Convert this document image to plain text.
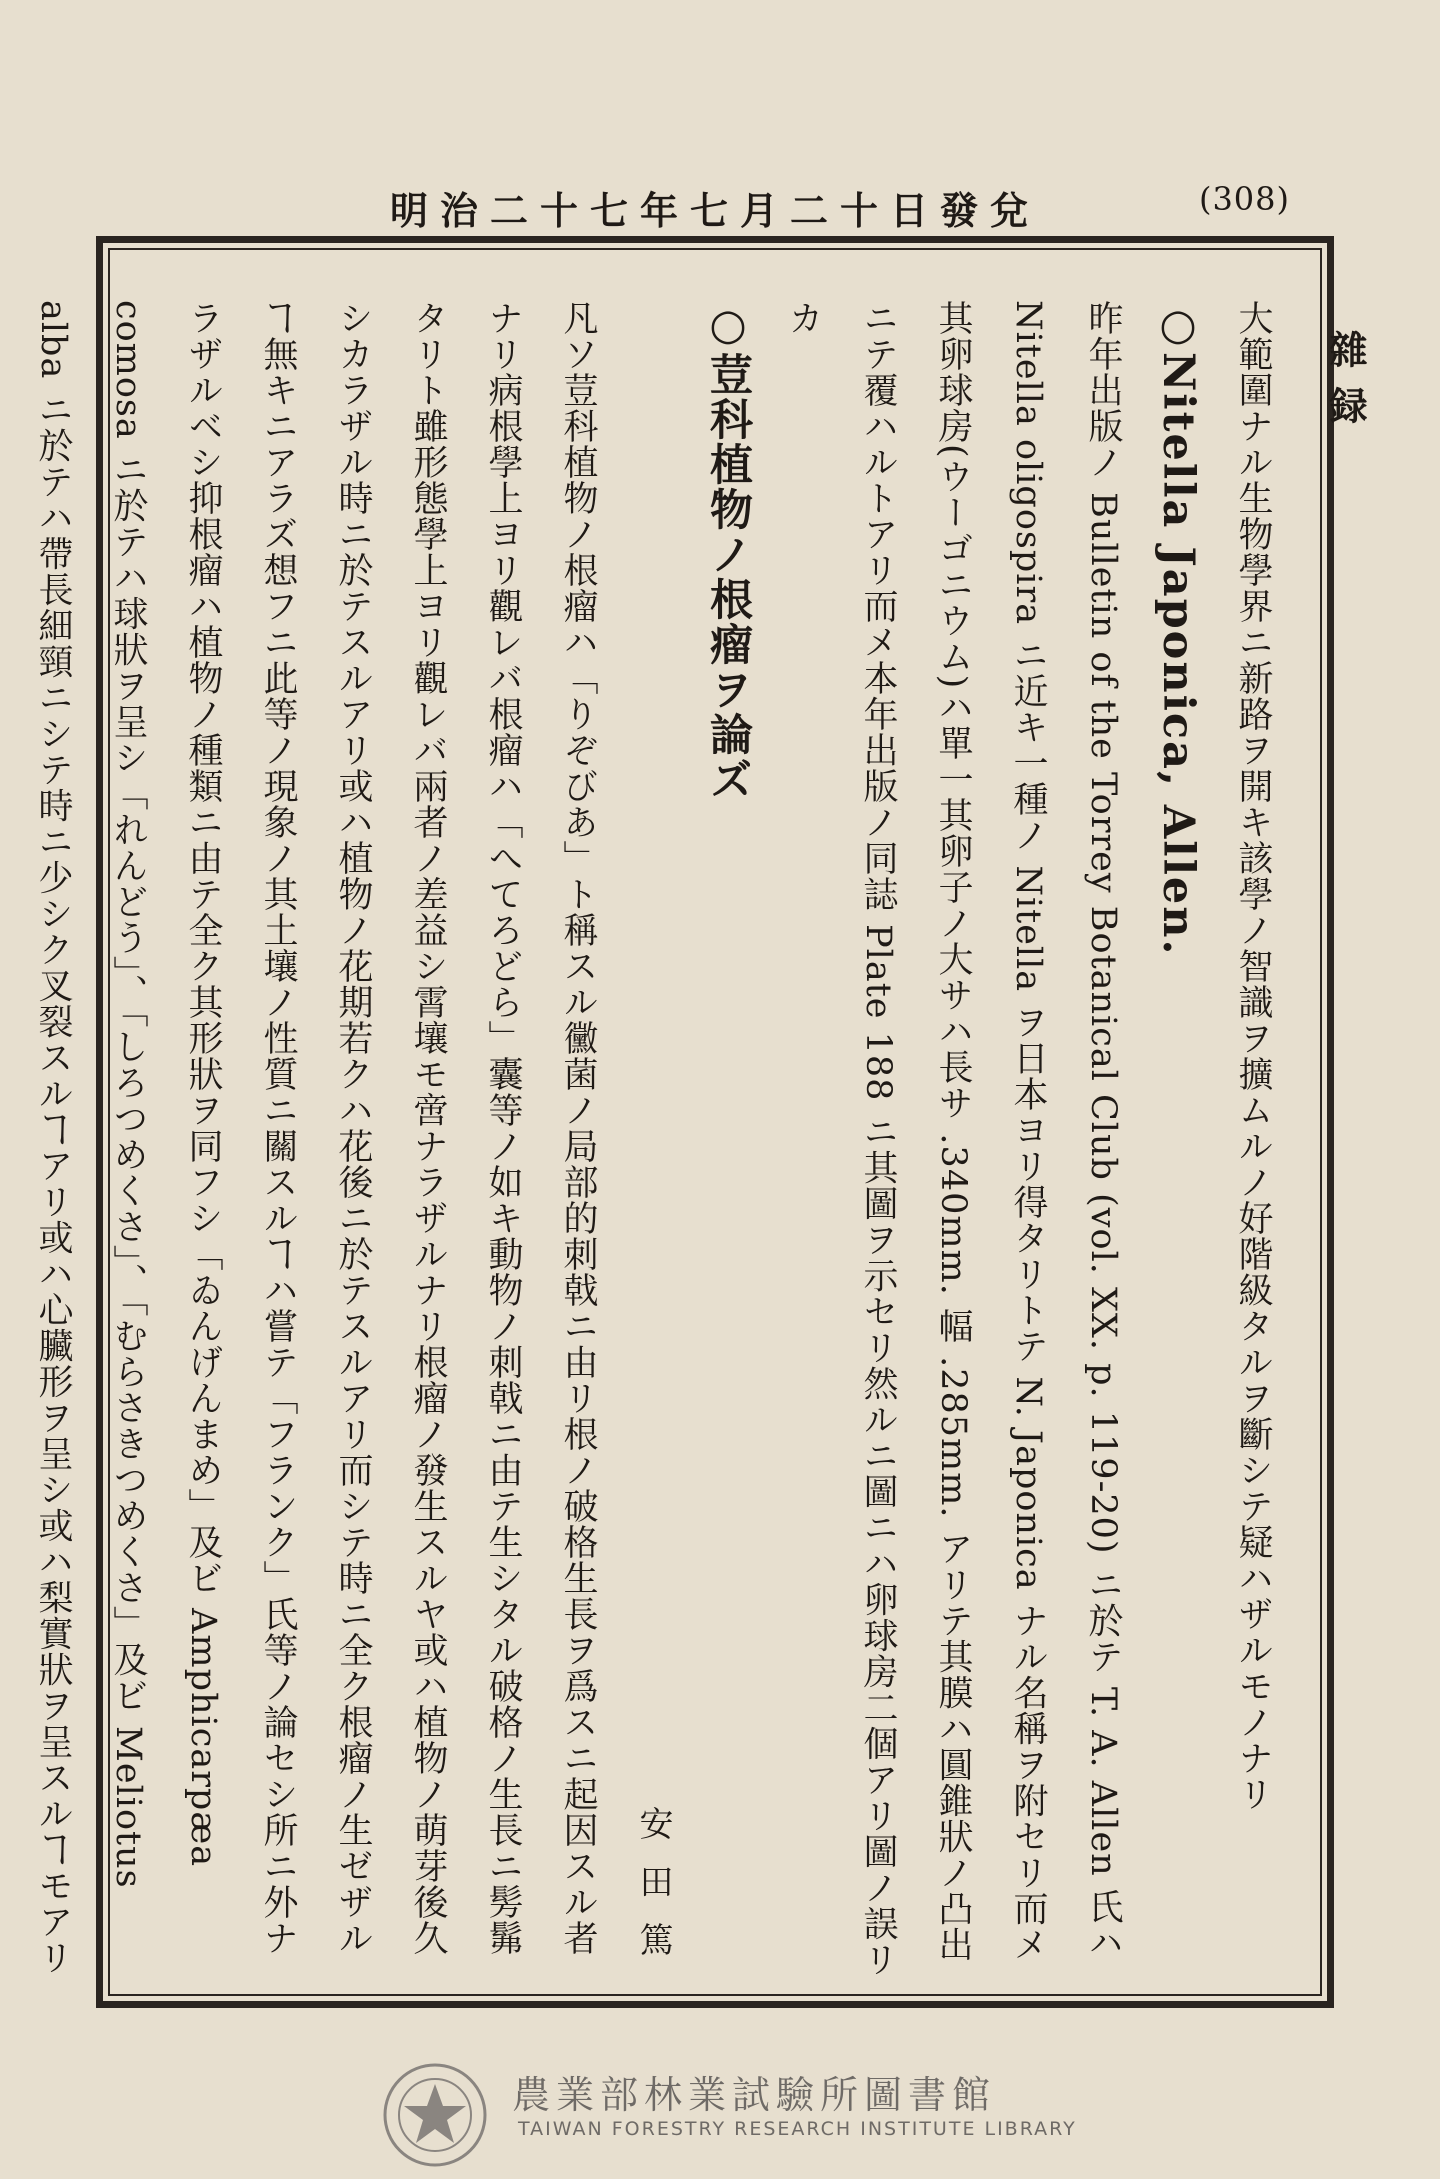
(308)
明治二十七年七月二十日發兌
雜録

大範圍ナル生物學界ニ新路ヲ開キ該學ノ智識ヲ擴ムルノ好階級タルヲ斷シテ疑ハザルモノナリ

○Nitella Japonica, Allen.

昨年出版ノ Bulletin of the Torrey Botanical Club (vol. XX. p. 119-20) ニ於テ T. A. Allen 氏ハ Nitella oligospira ニ近キ一種ノ Nitella ヲ日本ヨリ得タリトテ N. Japonica ナル名稱ヲ附セリ而メ其卵球房(ウーゴニウム)ハ單一其卵子ノ大サハ長サ .340mm. 幅 .285mm. アリテ其膜ハ圓錐狀ノ凸出ニテ覆ハルトアリ而メ本年出版ノ同誌 Plate 188 ニ其圖ヲ示セリ然ルニ圖ニハ卵球房二個アリ圖ノ誤リカ

○荳科植物ノ根瘤ヲ論ズ

安田篤

凡ソ荳科植物ノ根瘤ハ「りぞびあ」ト稱スル黴菌ノ局部的刺戟ニ由リ根ノ破格生長ヲ爲スニ起因スル者ナリ病根學上ヨリ觀レバ根瘤ハ「へてろどら」囊等ノ如キ動物ノ刺戟ニ由テ生シタル破格ノ生長ニ髣髴タリト雖形態學上ヨリ觀レバ兩者ノ差益シ霄壤モ啻ナラザルナリ根瘤ノ發生スルヤ或ハ植物ノ萌芽後久シカラザル時ニ於テスルアリ或ハ植物ノ花期若クハ花後ニ於テスルアリ而シテ時ニ全ク根瘤ノ生ゼザルヿ無キニアラズ想フニ此等ノ現象ノ其土壤ノ性質ニ關スルヿハ嘗テ「フランク」氏等ノ論セシ所ニ外ナラザルベシ抑根瘤ハ植物ノ種類ニ由テ全ク其形狀ヲ同フシ「ゐんげんまめ」及ビ Amphicarpæa comosa ニ於テハ球狀ヲ呈シ「れんどう」、「しろつめくさ」、「むらさきつめくさ」及ビ Meliotus alba ニ於テハ帶長細頸ニシテ時ニ少シク叉裂スルヿアリ或ハ心臟形ヲ呈シ或ハ梨實狀ヲ呈スルヿモアリ

農業部林業試驗所圖書館
TAIWAN FORESTRY RESEARCH INSTITUTE LIBRARY
